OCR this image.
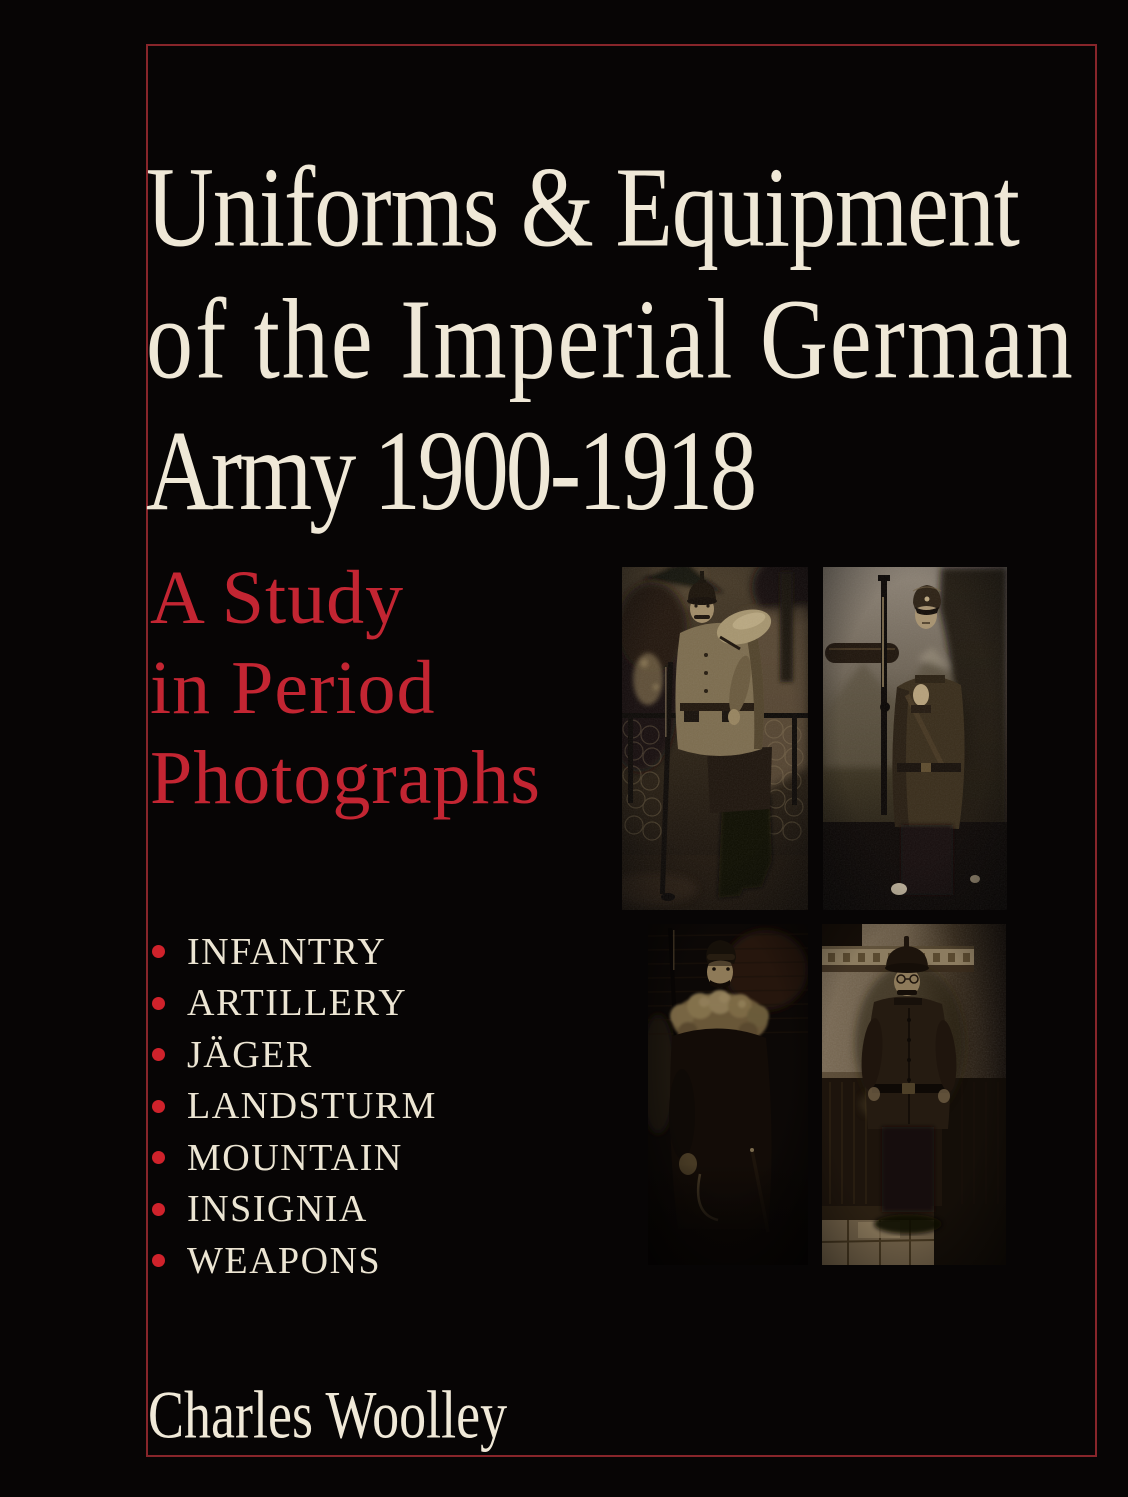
Uniforms & Equipment
of the Imperial German
Army 1900-1918
A Study
in Period
Photographs
INFANTRY
ARTILLERY
JÄGER
LANDSTURM
MOUNTAIN
INSIGNIA
WEAPONS
Charles Woolley
